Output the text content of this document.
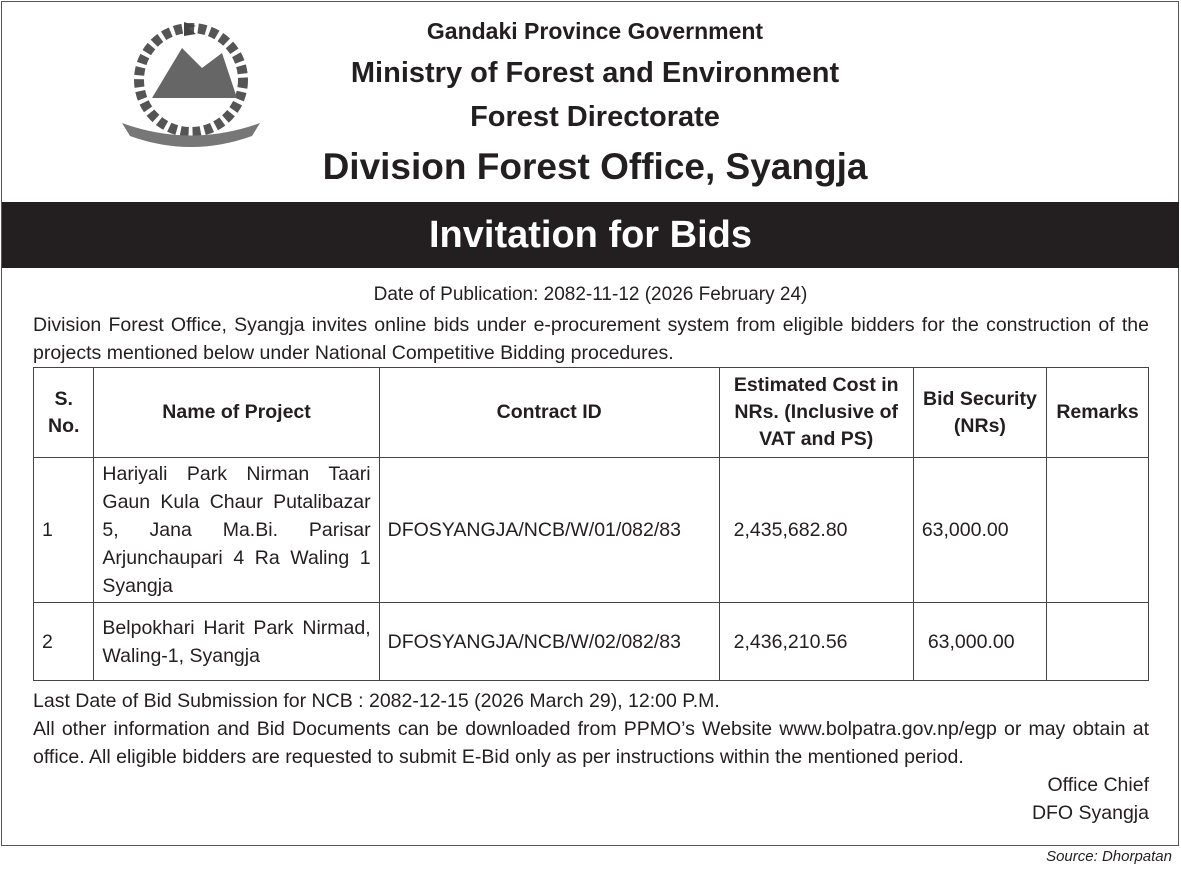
Gandaki Province Government
Ministry of Forest and Environment
Forest Directorate
Division Forest Office, Syangja
Invitation for Bids
Date of Publication: 2082-11-12 (2026 February 24)
Division Forest Office, Syangja invites online bids under e-procurement system from eligible bidders for the construction of the projects mentioned below under National Competitive Bidding procedures.
S. No.	Name of Project	Contract ID	Estimated Cost in NRs. (Inclusive of VAT and PS)	Bid Security (NRs)	Remarks
1	Hariyali Park Nirman Taari Gaun Kula Chaur Putalibazar 5, Jana Ma.Bi. Parisar Arjunchaupari 4 Ra Waling 1 Syangja	DFOSYANGJA/NCB/W/01/082/83	2,435,682.80	63,000.00	
2	Belpokhari Harit Park Nirmad, Waling-1, Syangja	DFOSYANGJA/NCB/W/02/082/83	2,436,210.56	63,000.00	
Last Date of Bid Submission for NCB : 2082-12-15 (2026 March 29), 12:00 P.M.
All other information and Bid Documents can be downloaded from PPMO’s Website www.bolpatra.gov.np/egp or may obtain at office. All eligible bidders are requested to submit E-Bid only as per instructions within the mentioned period.
Office Chief
DFO Syangja
Source: Dhorpatan
